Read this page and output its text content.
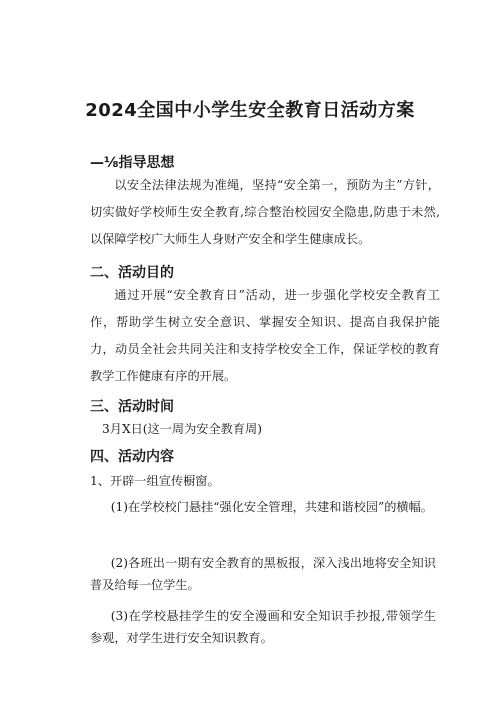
2024全国中小学生安全教育日活动方案
—⅛指导思想

以安全法律法规为准绳，坚持“安全第一，预防为主”方针，切实做好学校师生安全教育,综合整治校园安全隐患,防患于未然,以保障学校广大师生人身财产安全和学生健康成长。

二、活动目的

通过开展“安全教育日”活动，进一步强化学校安全教育工作，帮助学生树立安全意识、掌握安全知识、提高自我保护能力，动员全社会共同关注和支持学校安全工作，保证学校的教育教学工作健康有序的开展。

三、活动时间

3月X日(这一周为安全教育周)

四、活动内容

1、开辟一组宣传橱窗。

(1)在学校校门悬挂“强化安全管理，共建和谐校园”的横幅。

(2)各班出一期有安全教育的黑板报，深入浅出地将安全知识普及给每一位学生。

(3)在学校悬挂学生的安全漫画和安全知识手抄报,带领学生参观，对学生进行安全知识教育。
